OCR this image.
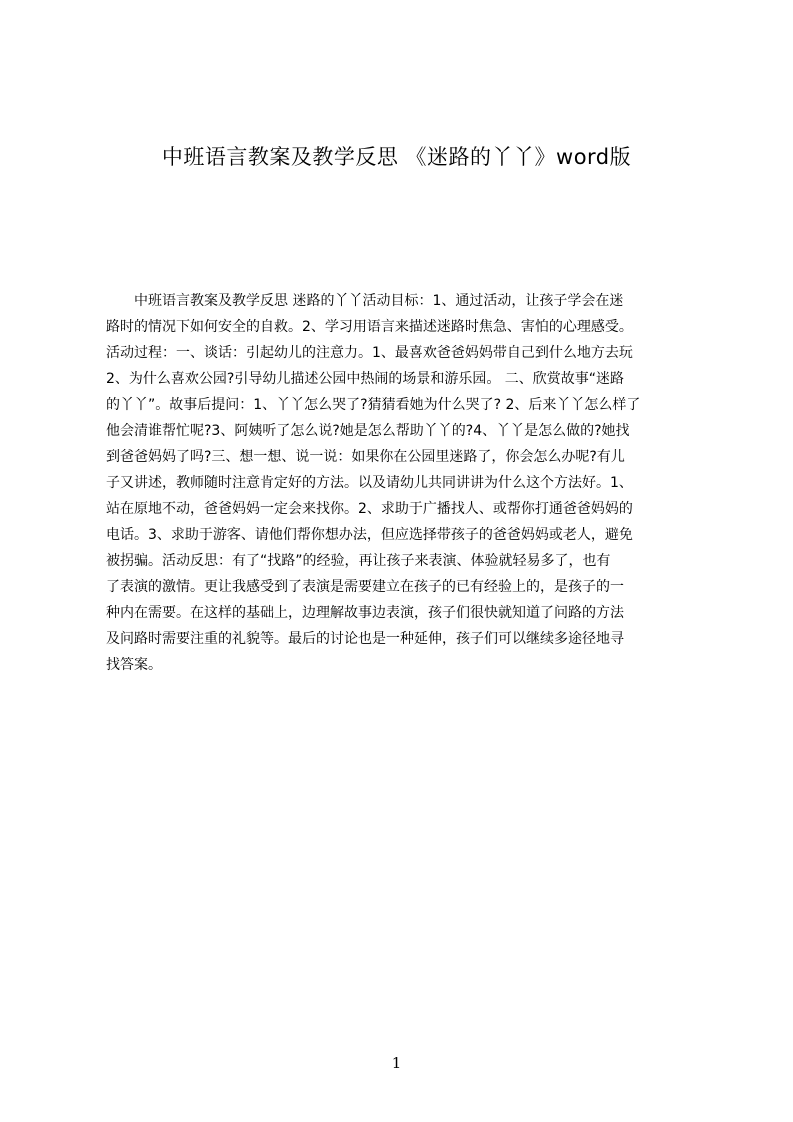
中班语言教案及教学反思 《迷路的丫丫》word版
　　中班语言教案及教学反思 迷路的丫丫活动目标：1、通过活动，让孩子学会在迷
路时的情况下如何安全的自救。2、学习用语言来描述迷路时焦急、害怕的心理感受。
活动过程：一、谈话：引起幼儿的注意力。1、最喜欢爸爸妈妈带自己到什么地方去玩
2、为什么喜欢公园?引导幼儿描述公园中热闹的场景和游乐园。 二、欣赏故事“迷路
的丫丫”。故事后提问：1、丫丫怎么哭了?猜猜看她为什么哭了? 2、后来丫丫怎么样了
他会清谁帮忙呢?3、阿姨听了怎么说?她是怎么帮助丫丫的?4、丫丫是怎么做的?她找
到爸爸妈妈了吗?三、想一想、说一说：如果你在公园里迷路了，你会怎么办呢?有儿
子又讲述，教师随时注意肯定好的方法。以及请幼儿共同讲讲为什么这个方法好。1、
站在原地不动，爸爸妈妈一定会来找你。2、求助于广播找人、或帮你打通爸爸妈妈的
电话。3、求助于游客、请他们帮你想办法，但应选择带孩子的爸爸妈妈或老人，避免
被拐骗。活动反思：有了“找路”的经验，再让孩子来表演、体验就轻易多了，也有
了表演的激情。更让我感受到了表演是需要建立在孩子的已有经验上的，是孩子的一
种内在需要。在这样的基础上，边理解故事边表演，孩子们很快就知道了问路的方法
及问路时需要注重的礼貌等。最后的讨论也是一种延伸，孩子们可以继续多途径地寻
找答案。
1
